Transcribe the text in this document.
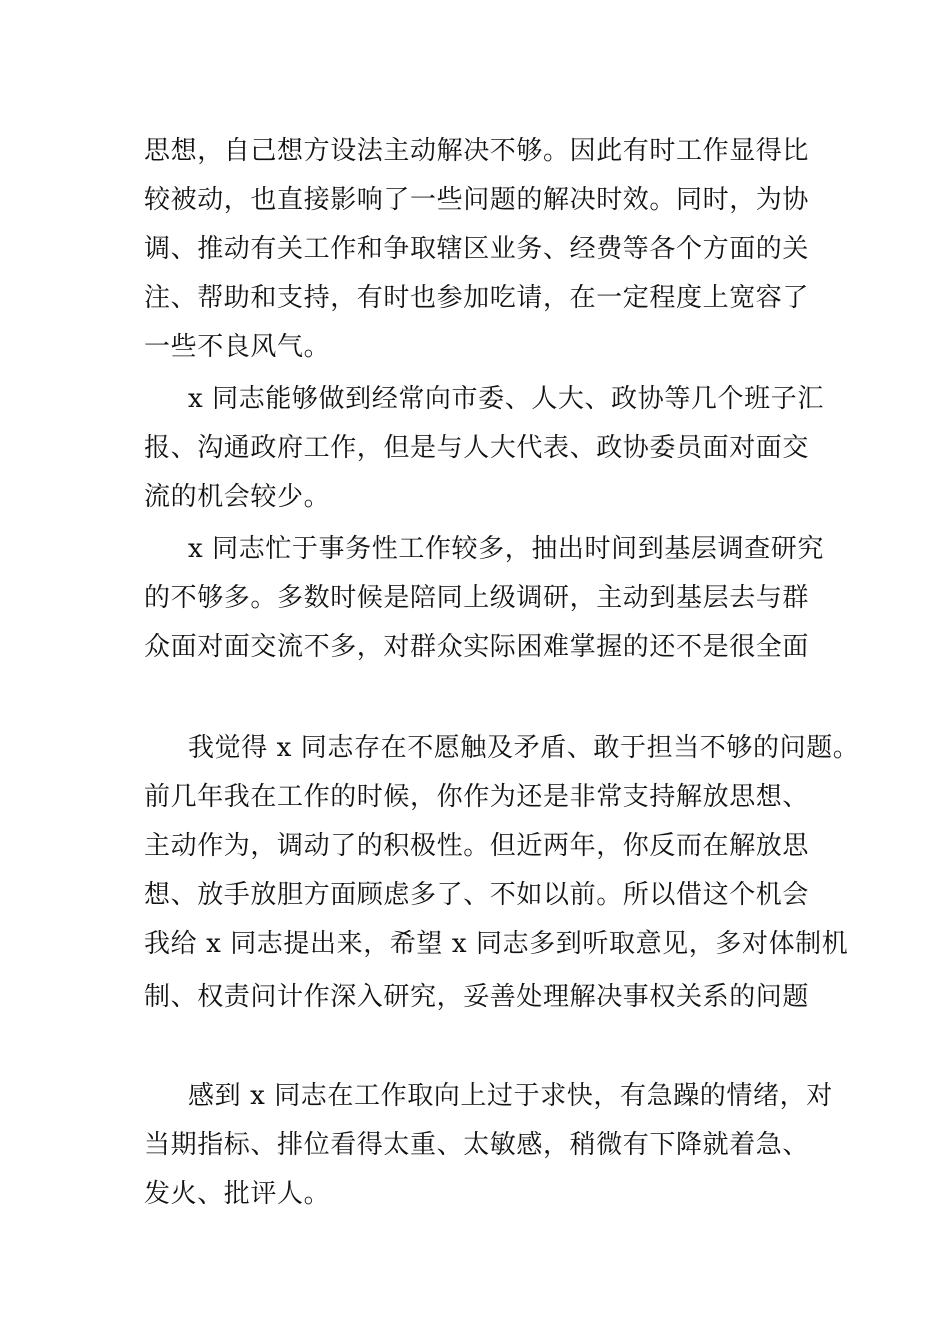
思想，自己想方设法主动解决不够。因此有时工作显得比

较被动，也直接影响了一些问题的解决时效。同时，为协

调、推动有关工作和争取辖区业务、经费等各个方面的关

注、帮助和支持，有时也参加吃请，在一定程度上宽容了

一些不良风气。

x 同志能够做到经常向市委、人大、政协等几个班子汇

报、沟通政府工作，但是与人大代表、政协委员面对面交

流的机会较少。

x 同志忙于事务性工作较多，抽出时间到基层调查研究

的不够多。多数时候是陪同上级调研，主动到基层去与群

众面对面交流不多，对群众实际困难掌握的还不是很全面

我觉得 x 同志存在不愿触及矛盾、敢于担当不够的问题。

前几年我在工作的时候，你作为还是非常支持解放思想、

主动作为，调动了的积极性。但近两年，你反而在解放思

想、放手放胆方面顾虑多了、不如以前。所以借这个机会

我给 x 同志提出来，希望 x 同志多到听取意见，多对体制机

制、权责问计作深入研究，妥善处理解决事权关系的问题

感到 x 同志在工作取向上过于求快，有急躁的情绪，对

当期指标、排位看得太重、太敏感，稍微有下降就着急、

发火、批评人。
